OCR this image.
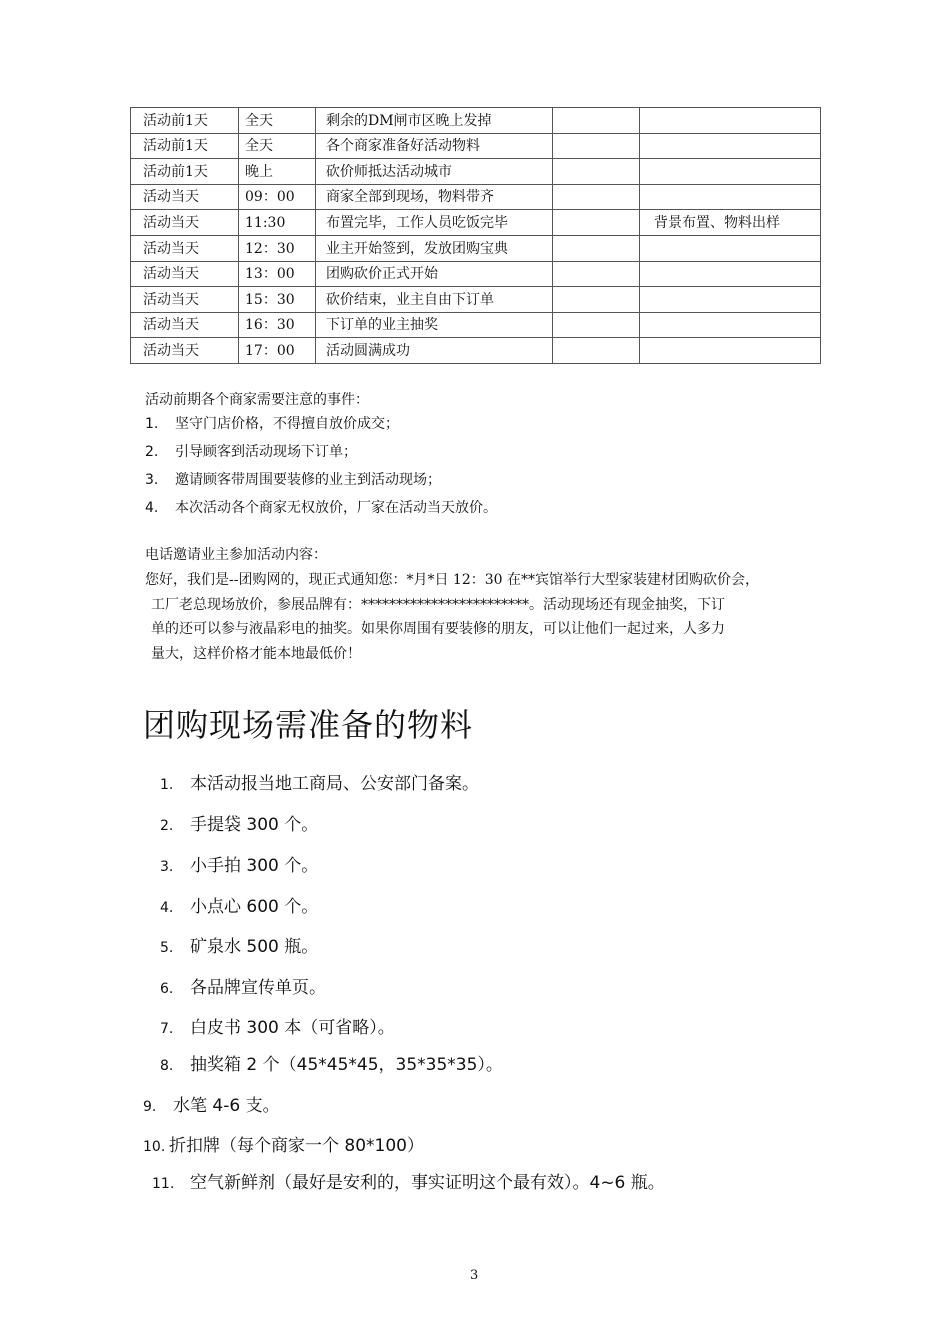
活动前1天	全天	剩余的DM闸市区晚上发掉		
活动前1天	全天	各个商家准备好活动物料		
活动前1天	晚上	砍价师抵达活动城市		
活动当天	09：00	商家全部到现场，物料带齐		
活动当天	11:30	布置完毕，工作人员吃饭完毕		背景布置、物料出样
活动当天	12：30	业主开始签到，发放团购宝典		
活动当天	13：00	团购砍价正式开始		
活动当天	15：30	砍价结束，业主自由下订单		
活动当天	16：30	下订单的业主抽奖		
活动当天	17：00	活动圆满成功		
活动前期各个商家需要注意的事件：
1. 坚守门店价格，不得擅自放价成交；
2. 引导顾客到活动现场下订单；
3. 邀请顾客带周围要装修的业主到活动现场；
4. 本次活动各个商家无权放价，厂家在活动当天放价。
电话邀请业主参加活动内容：
您好，我们是--团购网的，现正式通知您：*月*日 12：30 在**宾馆举行大型家装建材团购砍价会，
工厂老总现场放价，参展品牌有：************************。活动现场还有现金抽奖，下订
单的还可以参与液晶彩电的抽奖。如果你周围有要装修的朋友，可以让他们一起过来，人多力
量大，这样价格才能本地最低价！
团购现场需准备的物料
1. 本活动报当地工商局、公安部门备案。
2. 手提袋 300 个。
3. 小手拍 300 个。
4. 小点心 600 个。
5. 矿泉水 500 瓶。
6. 各品牌宣传单页。
7. 白皮书 300 本（可省略）。
8. 抽奖箱 2 个（45*45*45，35*35*35）。
9. 水笔 4-6 支。
10. 折扣牌（每个商家一个 80*100）
11. 空气新鲜剂（最好是安利的，事实证明这个最有效）。4~6 瓶。
3
